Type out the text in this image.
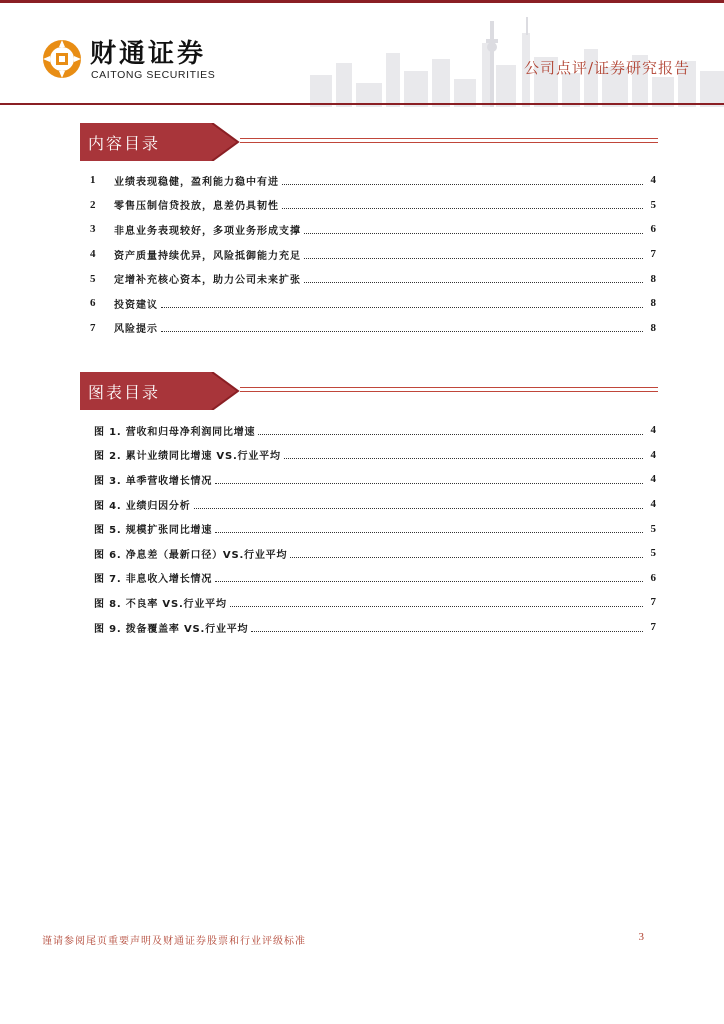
财通证券
CAITONG SECURITIES	公司点评/证券研究报告
内容目录
1	业绩表现稳健，盈利能力稳中有进	4
2	零售压制信贷投放，息差仍具韧性	5
3	非息业务表现较好，多项业务形成支撑	6
4	资产质量持续优异，风险抵御能力充足	7
5	定增补充核心资本，助力公司未来扩张	8
6	投资建议	8
7	风险提示	8
图表目录
图 1. 营收和归母净利润同比增速	4
图 2. 累计业绩同比增速 VS.行业平均	4
图 3. 单季营收增长情况	4
图 4. 业绩归因分析	4
图 5. 规模扩张同比增速	5
图 6. 净息差（最新口径）VS.行业平均	5
图 7. 非息收入增长情况	6
图 8. 不良率 VS.行业平均	7
图 9. 拨备覆盖率 VS.行业平均	7
谨请参阅尾页重要声明及财通证券股票和行业评级标准	3
